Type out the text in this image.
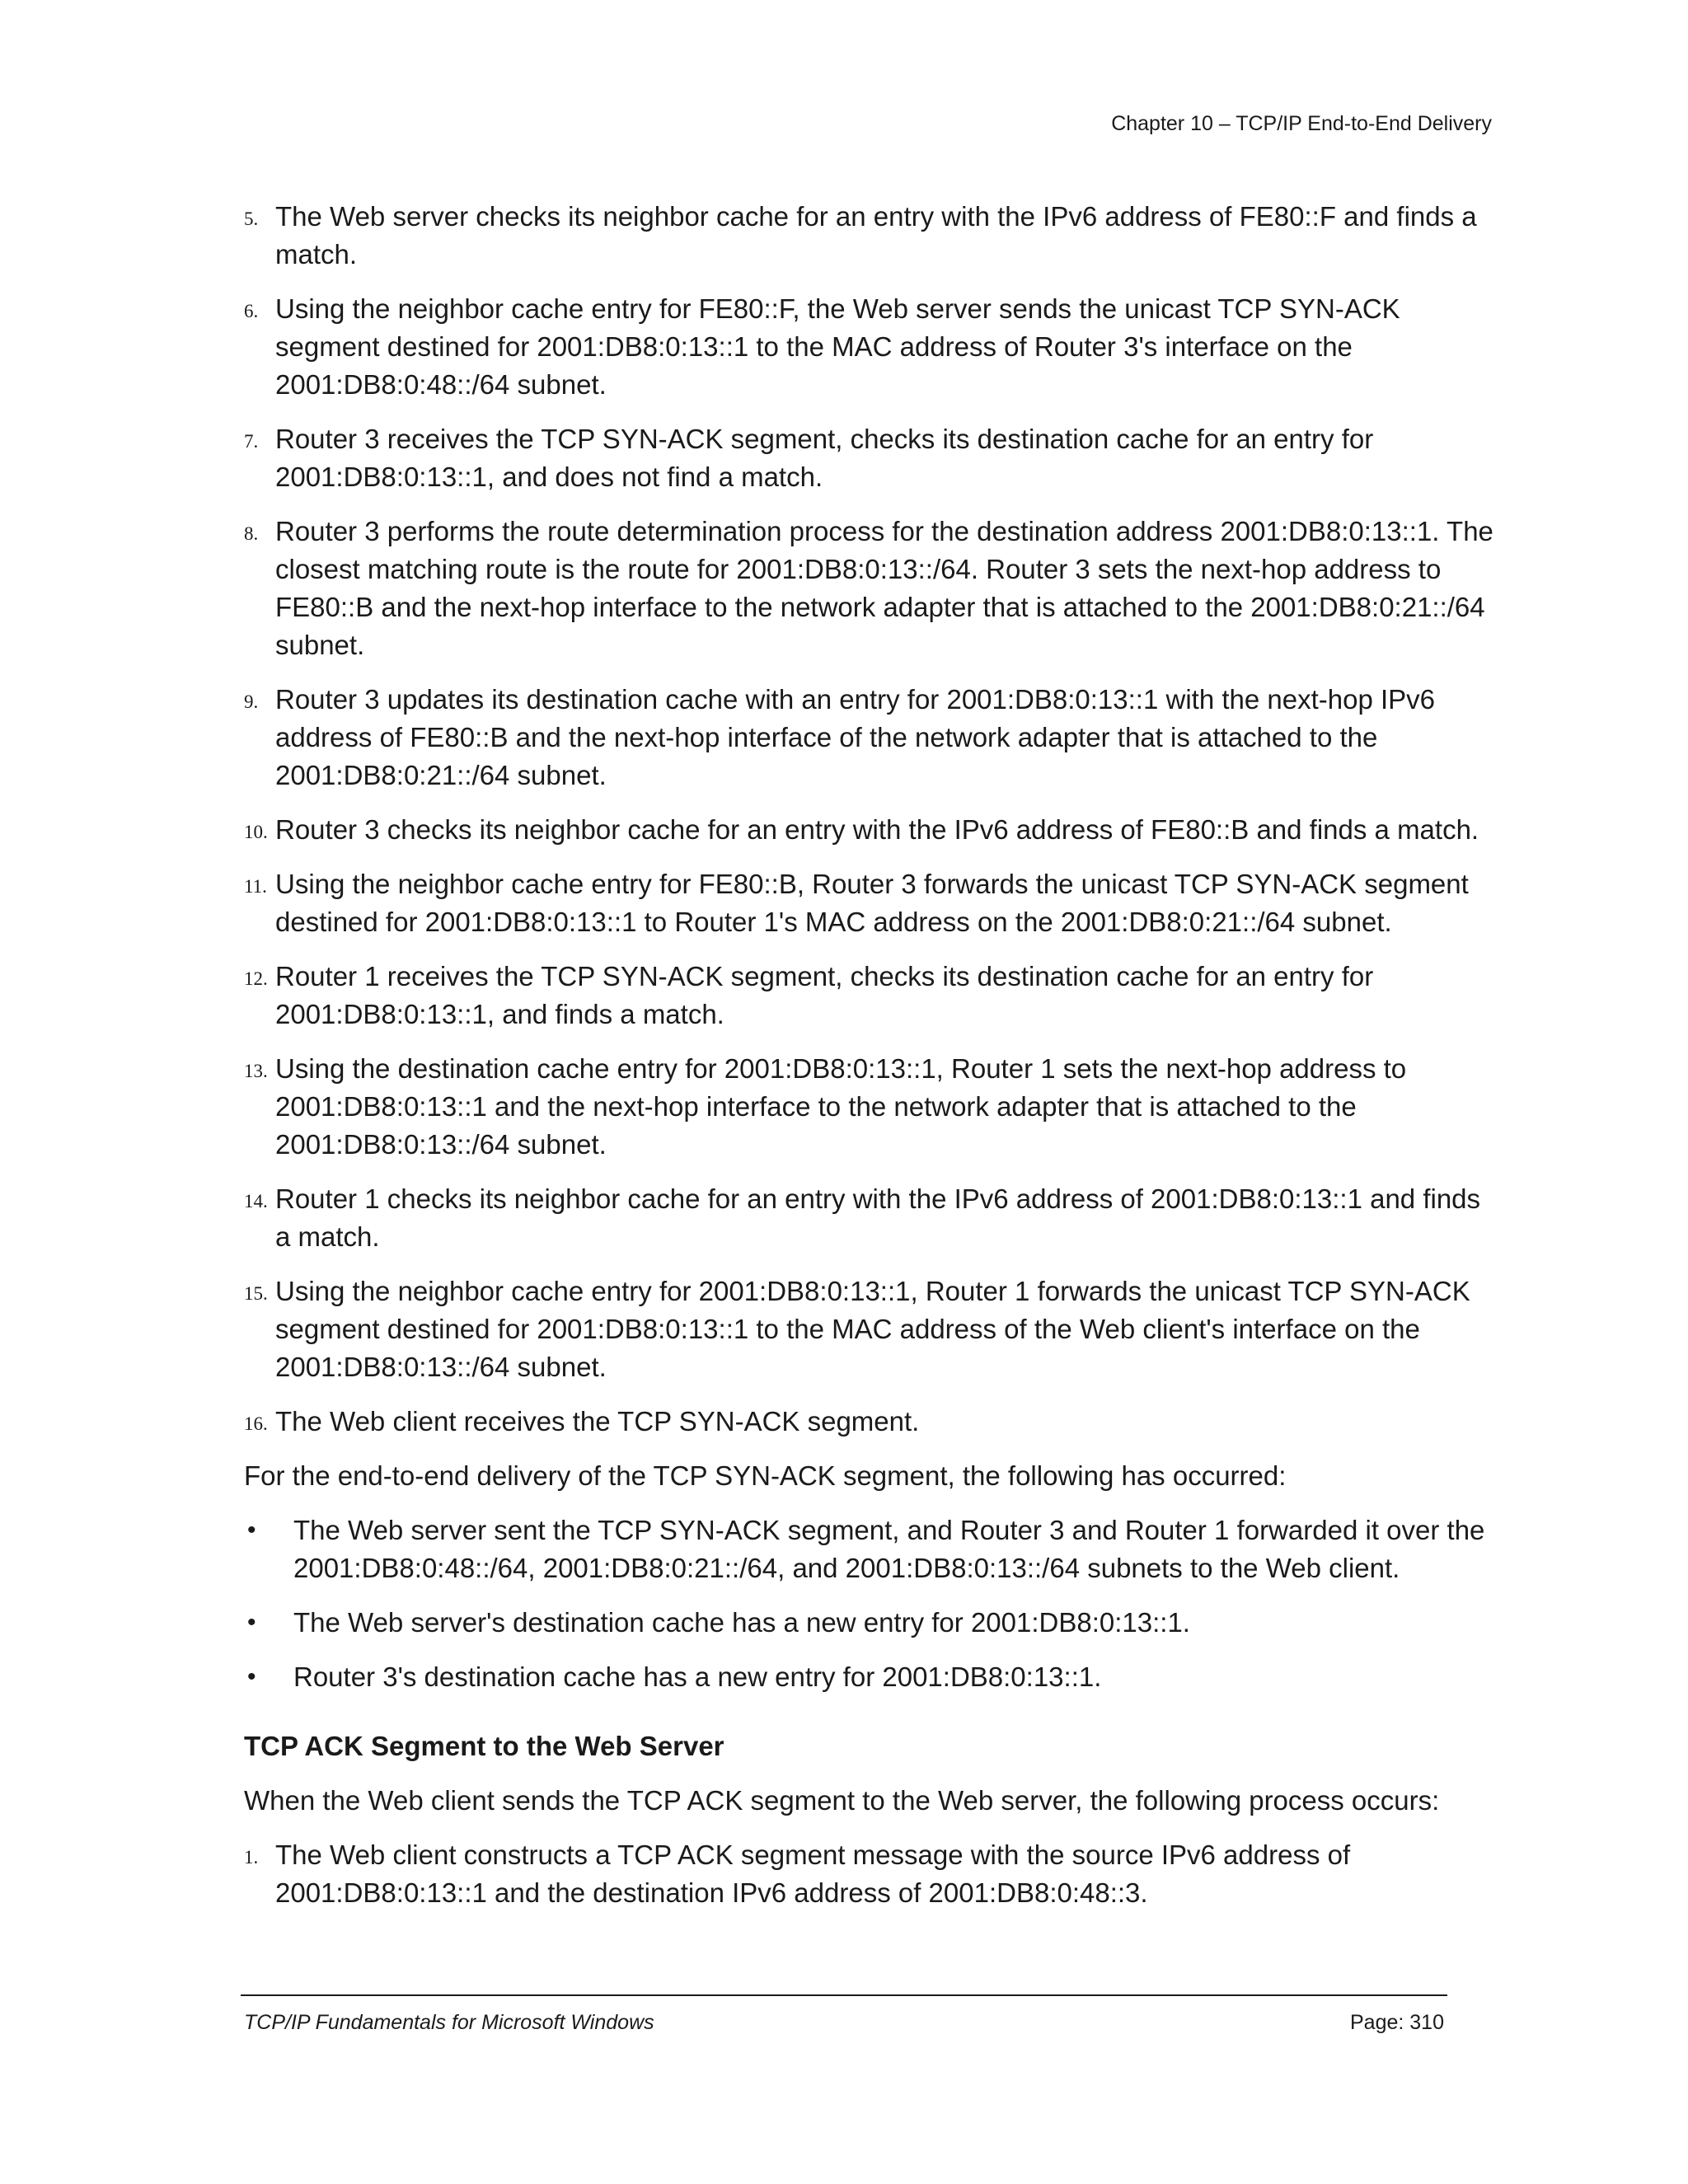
Chapter 10 – TCP/IP End-to-End Delivery
5. The Web server checks its neighbor cache for an entry with the IPv6 address of FE80::F and finds a match.
6. Using the neighbor cache entry for FE80::F, the Web server sends the unicast TCP SYN-ACK segment destined for 2001:DB8:0:13::1 to the MAC address of Router 3's interface on the 2001:DB8:0:48::/64 subnet.
7. Router 3 receives the TCP SYN-ACK segment, checks its destination cache for an entry for 2001:DB8:0:13::1, and does not find a match.
8. Router 3 performs the route determination process for the destination address 2001:DB8:0:13::1. The closest matching route is the route for 2001:DB8:0:13::/64. Router 3 sets the next-hop address to FE80::B and the next-hop interface to the network adapter that is attached to the 2001:DB8:0:21::/64 subnet.
9. Router 3 updates its destination cache with an entry for 2001:DB8:0:13::1 with the next-hop IPv6 address of FE80::B and the next-hop interface of the network adapter that is attached to the 2001:DB8:0:21::/64 subnet.
10. Router 3 checks its neighbor cache for an entry with the IPv6 address of FE80::B and finds a match.
11. Using the neighbor cache entry for FE80::B, Router 3 forwards the unicast TCP SYN-ACK segment destined for 2001:DB8:0:13::1 to Router 1's MAC address on the 2001:DB8:0:21::/64 subnet.
12. Router 1 receives the TCP SYN-ACK segment, checks its destination cache for an entry for 2001:DB8:0:13::1, and finds a match.
13. Using the destination cache entry for 2001:DB8:0:13::1, Router 1 sets the next-hop address to 2001:DB8:0:13::1 and the next-hop interface to the network adapter that is attached to the 2001:DB8:0:13::/64 subnet.
14. Router 1 checks its neighbor cache for an entry with the IPv6 address of 2001:DB8:0:13::1 and finds a match.
15. Using the neighbor cache entry for 2001:DB8:0:13::1, Router 1 forwards the unicast TCP SYN-ACK segment destined for 2001:DB8:0:13::1 to the MAC address of the Web client's interface on the 2001:DB8:0:13::/64 subnet.
16. The Web client receives the TCP SYN-ACK segment.

For the end-to-end delivery of the TCP SYN-ACK segment, the following has occurred:

• The Web server sent the TCP SYN-ACK segment, and Router 3 and Router 1 forwarded it over the 2001:DB8:0:48::/64, 2001:DB8:0:21::/64, and 2001:DB8:0:13::/64 subnets to the Web client.
• The Web server's destination cache has a new entry for 2001:DB8:0:13::1.
• Router 3's destination cache has a new entry for 2001:DB8:0:13::1.
TCP ACK Segment to the Web Server

When the Web client sends the TCP ACK segment to the Web server, the following process occurs:

1. The Web client constructs a TCP ACK segment message with the source IPv6 address of 2001:DB8:0:13::1 and the destination IPv6 address of 2001:DB8:0:48::3.
TCP/IP Fundamentals for Microsoft Windows	Page: 310
